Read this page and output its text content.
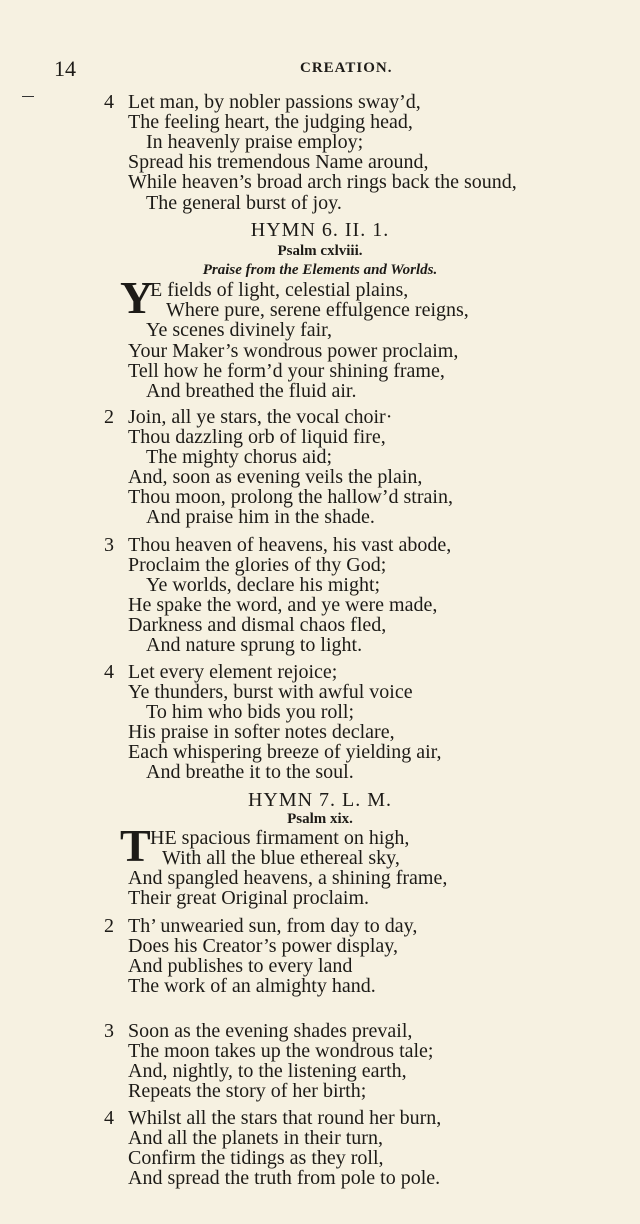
14	CREATION.
4 Let man, by nobler passions sway’d,
The feeling heart, the judging head,
In heavenly praise employ;
Spread his tremendous Name around,
While heaven’s broad arch rings back the sound,
The general burst of joy.
HYMN 6. II. 1.
Psalm cxlviii.
Praise from the Elements and Worlds.
Y
E fields of light, celestial plains,
Where pure, serene effulgence reigns,
Ye scenes divinely fair,
Your Maker’s wondrous power proclaim,
Tell how he form’d your shining frame,
And breathed the fluid air.
2 Join, all ye stars, the vocal choir·
Thou dazzling orb of liquid fire,
The mighty chorus aid;
And, soon as evening veils the plain,
Thou moon, prolong the hallow’d strain,
And praise him in the shade.
3 Thou heaven of heavens, his vast abode,
Proclaim the glories of thy God;
Ye worlds, declare his might;
He spake the word, and ye were made,
Darkness and dismal chaos fled,
And nature sprung to light.
4 Let every element rejoice;
Ye thunders, burst with awful voice
To him who bids you roll;
His praise in softer notes declare,
Each whispering breeze of yielding air,
And breathe it to the soul.
HYMN 7. L. M.
Psalm xix.
T HE spacious firmament on high,
With all the blue ethereal sky,
And spangled heavens, a shining frame,
Their great Original proclaim.
2 Th’ unwearied sun, from day to day,
Does his Creator’s power display,
And publishes to every land
The work of an almighty hand.
3 Soon as the evening shades prevail,
The moon takes up the wondrous tale;
And, nightly, to the listening earth,
Repeats the story of her birth;
4 Whilst all the stars that round her burn,
And all the planets in their turn,
Confirm the tidings as they roll,
And spread the truth from pole to pole.
